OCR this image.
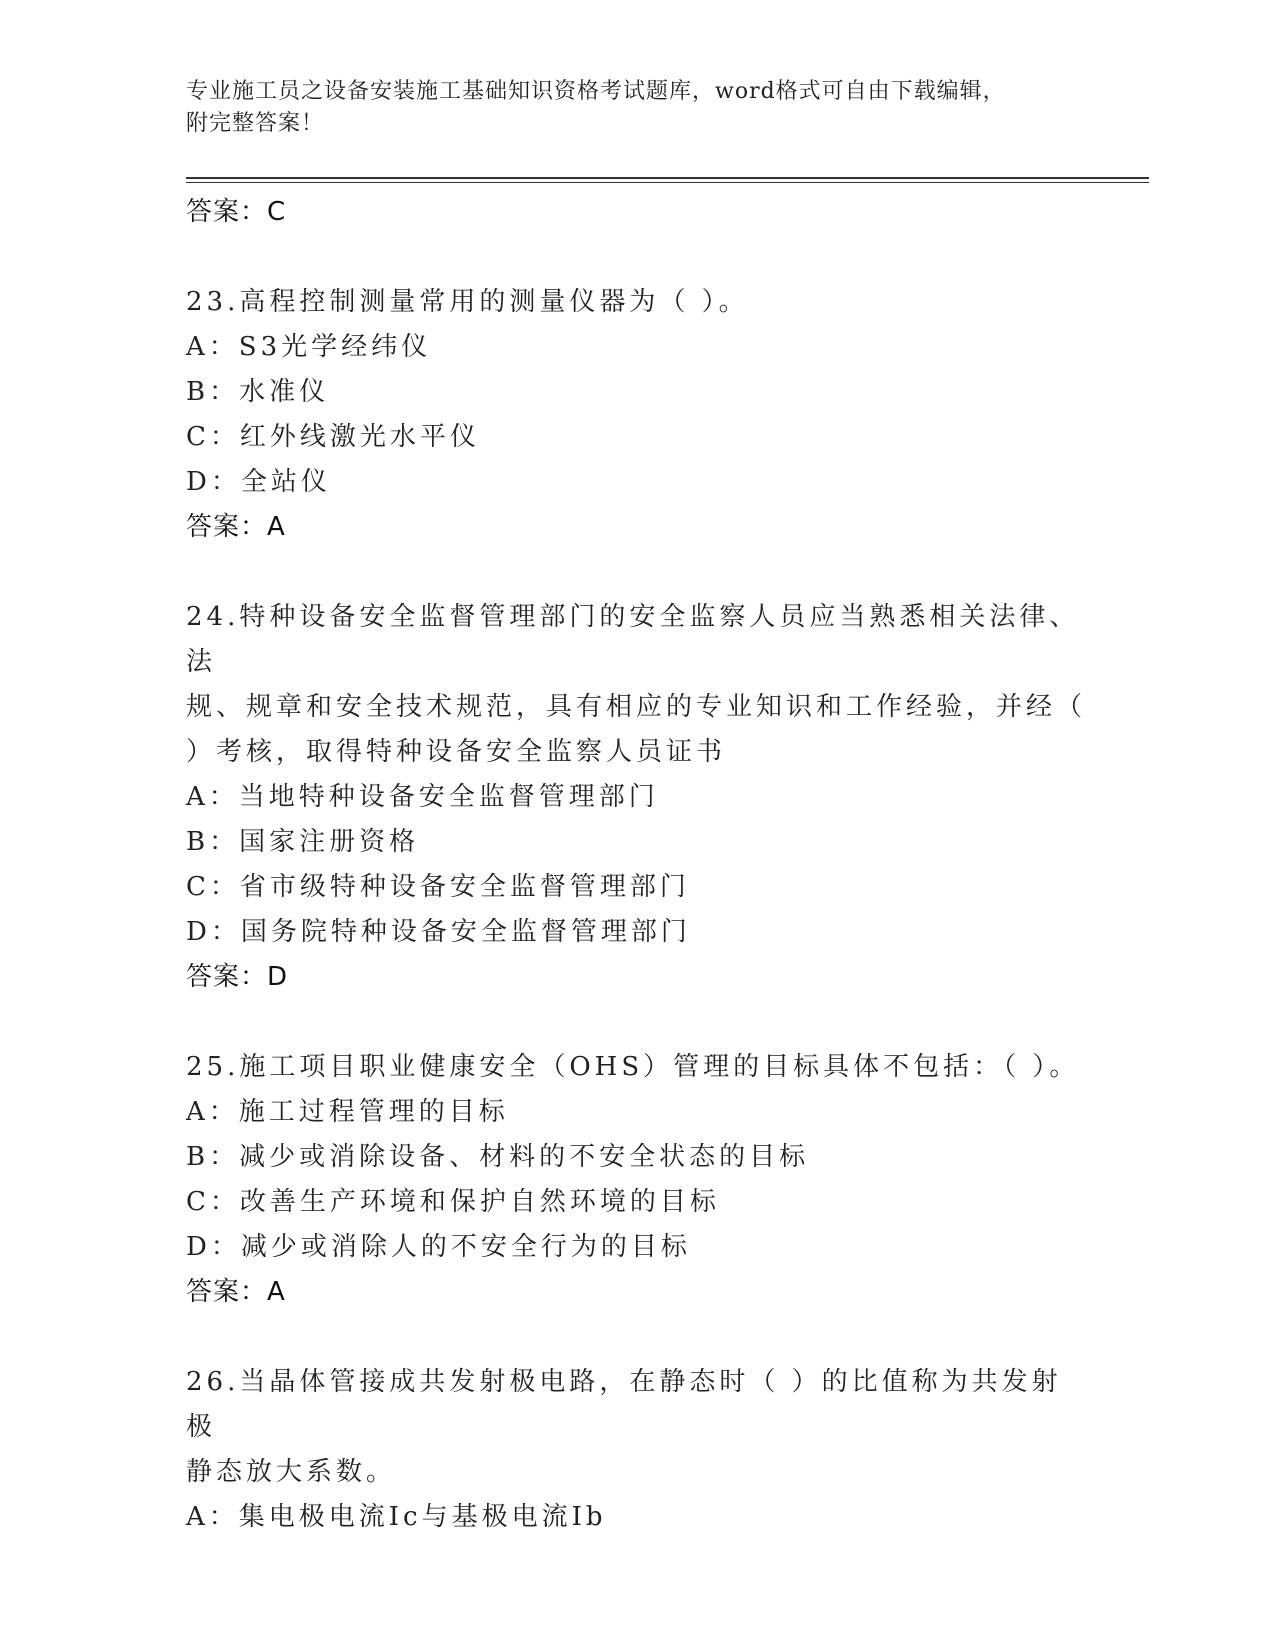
专业施工员之设备安装施工基础知识资格考试题库，word格式可自由下载编辑，
附完整答案！
答案：C
23.高程控制测量常用的测量仪器为（ ）。
A：S3光学经纬仪
B：水准仪
C：红外线激光水平仪
D：全站仪
答案：A
24.特种设备安全监督管理部门的安全监察人员应当熟悉相关法律、法
规、规章和安全技术规范，具有相应的专业知识和工作经验，并经（
）考核，取得特种设备安全监察人员证书
A：当地特种设备安全监督管理部门
B：国家注册资格
C：省市级特种设备安全监督管理部门
D：国务院特种设备安全监督管理部门
答案：D
25.施工项目职业健康安全（OHS）管理的目标具体不包括：（ ）。
A：施工过程管理的目标
B：减少或消除设备、材料的不安全状态的目标
C：改善生产环境和保护自然环境的目标
D：减少或消除人的不安全行为的目标
答案：A
26.当晶体管接成共发射极电路，在静态时（ ）的比值称为共发射极
静态放大系数。
A：集电极电流Ic与基极电流Ib
